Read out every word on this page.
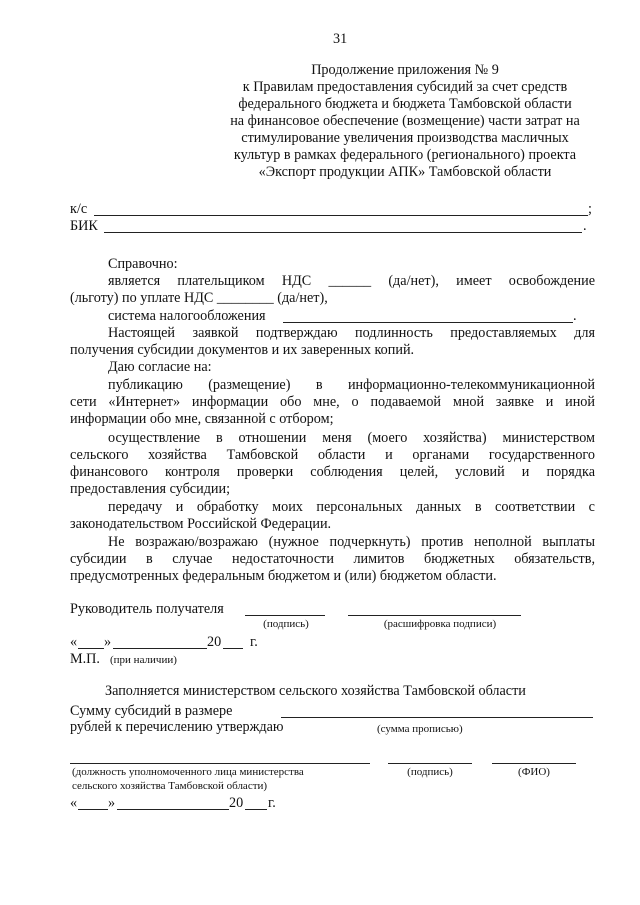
31
Продолжение приложения № 9
к Правилам предоставления субсидий за счет средств
федерального бюджета и бюджета Тамбовской области
на финансовое обеспечение (возмещение) части затрат на
стимулирование увеличения производства масличных
культур в рамках федерального (регионального) проекта
«Экспорт продукции АПК» Тамбовской области
к/с	;
БИК	.
Справочно:
является плательщиком НДС ______ (да/нет), имеет освобождение
(льготу) по уплате НДС ________ (да/нет),
система налогообложения	.
Настоящей заявкой подтверждаю подлинность предоставляемых для
получения субсидии документов и их заверенных копий.
Даю согласие на:
публикацию (размещение) в информационно-телекоммуникационной
сети «Интернет» информации обо мне, о подаваемой мной заявке и иной
информации обо мне, связанной с отбором;
осуществление в отношении меня (моего хозяйства) министерством
сельского хозяйства Тамбовской области и органами государственного
финансового контроля проверки соблюдения целей, условий и порядка
предоставления субсидии;
передачу и обработку моих персональных данных в соответствии с
законодательством Российской Федерации.
Не возражаю/возражаю (нужное подчеркнуть) против неполной выплаты
субсидии в случае недостаточности лимитов бюджетных обязательств,
предусмотренных федеральным бюджетом и (или) бюджетом области.
Руководитель получателя
(подпись)	(расшифровка подписи)
« »	20 г.
М.П. (при наличии)
Заполняется министерством сельского хозяйства Тамбовской области
Сумму субсидий в размере
рублей к перечислению утверждаю	(сумма прописью)
(должность уполномоченного лица министерства
сельского хозяйства Тамбовской области)
(подпись)	(ФИО)
« »	20 г.
